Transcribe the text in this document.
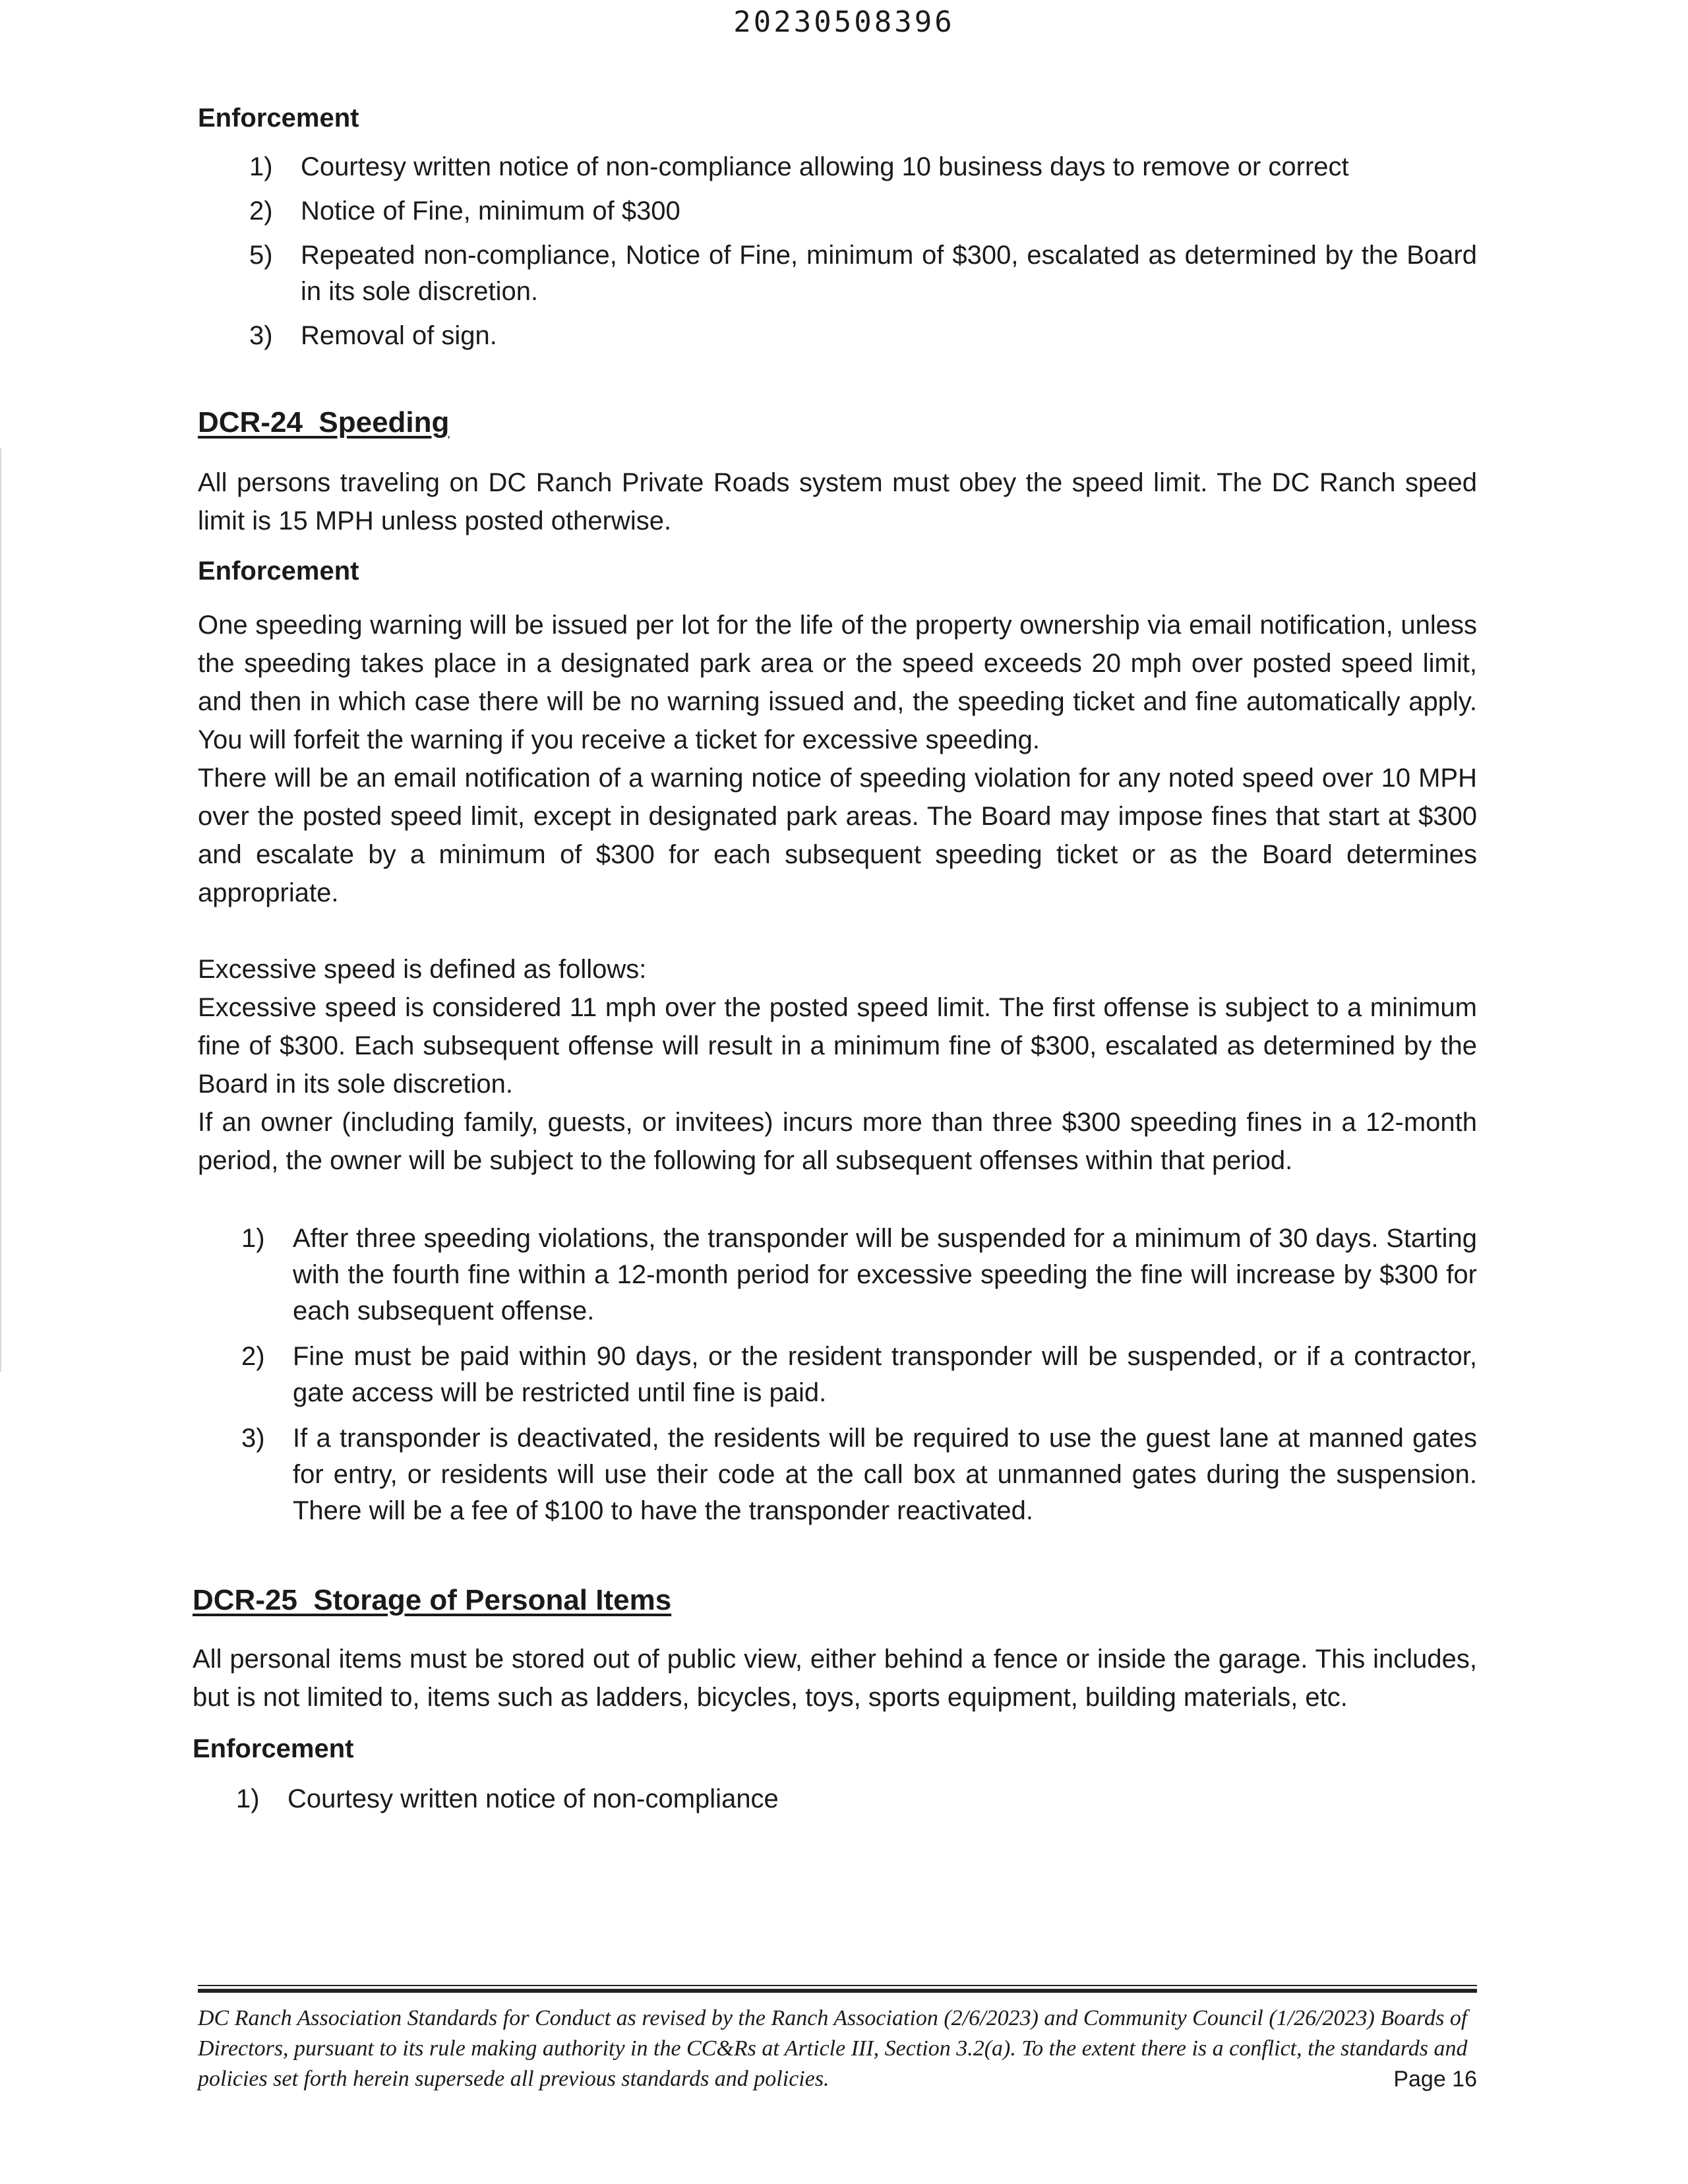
20230508396

Enforcement

1) Courtesy written notice of non-compliance allowing 10 business days to remove or correct
2) Notice of Fine, minimum of $300
5) Repeated non-compliance, Notice of Fine, minimum of $300, escalated as determined by the Board in its sole discretion.
3) Removal of sign.

DCR-24  Speeding

All persons traveling on DC Ranch Private Roads system must obey the speed limit. The DC Ranch speed limit is 15 MPH unless posted otherwise.

Enforcement

One speeding warning will be issued per lot for the life of the property ownership via email notification, unless the speeding takes place in a designated park area or the speed exceeds 20 mph over posted speed limit, and then in which case there will be no warning issued and, the speeding ticket and fine automatically apply. You will forfeit the warning if you receive a ticket for excessive speeding.

There will be an email notification of a warning notice of speeding violation for any noted speed over 10 MPH over the posted speed limit, except in designated park areas. The Board may impose fines that start at $300 and escalate by a minimum of $300 for each subsequent speeding ticket or as the Board determines appropriate.

Excessive speed is defined as follows:

Excessive speed is considered 11 mph over the posted speed limit. The first offense is subject to a minimum fine of $300. Each subsequent offense will result in a minimum fine of $300, escalated as determined by the Board in its sole discretion.

If an owner (including family, guests, or invitees) incurs more than three $300 speeding fines in a 12-month period, the owner will be subject to the following for all subsequent offenses within that period.

1) After three speeding violations, the transponder will be suspended for a minimum of 30 days. Starting with the fourth fine within a 12-month period for excessive speeding the fine will increase by $300 for each subsequent offense.
2) Fine must be paid within 90 days, or the resident transponder will be suspended, or if a contractor, gate access will be restricted until fine is paid.
3) If a transponder is deactivated, the residents will be required to use the guest lane at manned gates for entry, or residents will use their code at the call box at unmanned gates during the suspension. There will be a fee of $100 to have the transponder reactivated.

DCR-25  Storage of Personal Items

All personal items must be stored out of public view, either behind a fence or inside the garage. This includes, but is not limited to, items such as ladders, bicycles, toys, sports equipment, building materials, etc.

Enforcement

1) Courtesy written notice of non-compliance
DC Ranch Association Standards for Conduct as revised by the Ranch Association (2/6/2023) and Community Council (1/26/2023) Boards of Directors, pursuant to its rule making authority in the CC&Rs at Article III, Section 3.2(a). To the extent there is a conflict, the standards and policies set forth herein supersede all previous standards and policies.	Page 16
